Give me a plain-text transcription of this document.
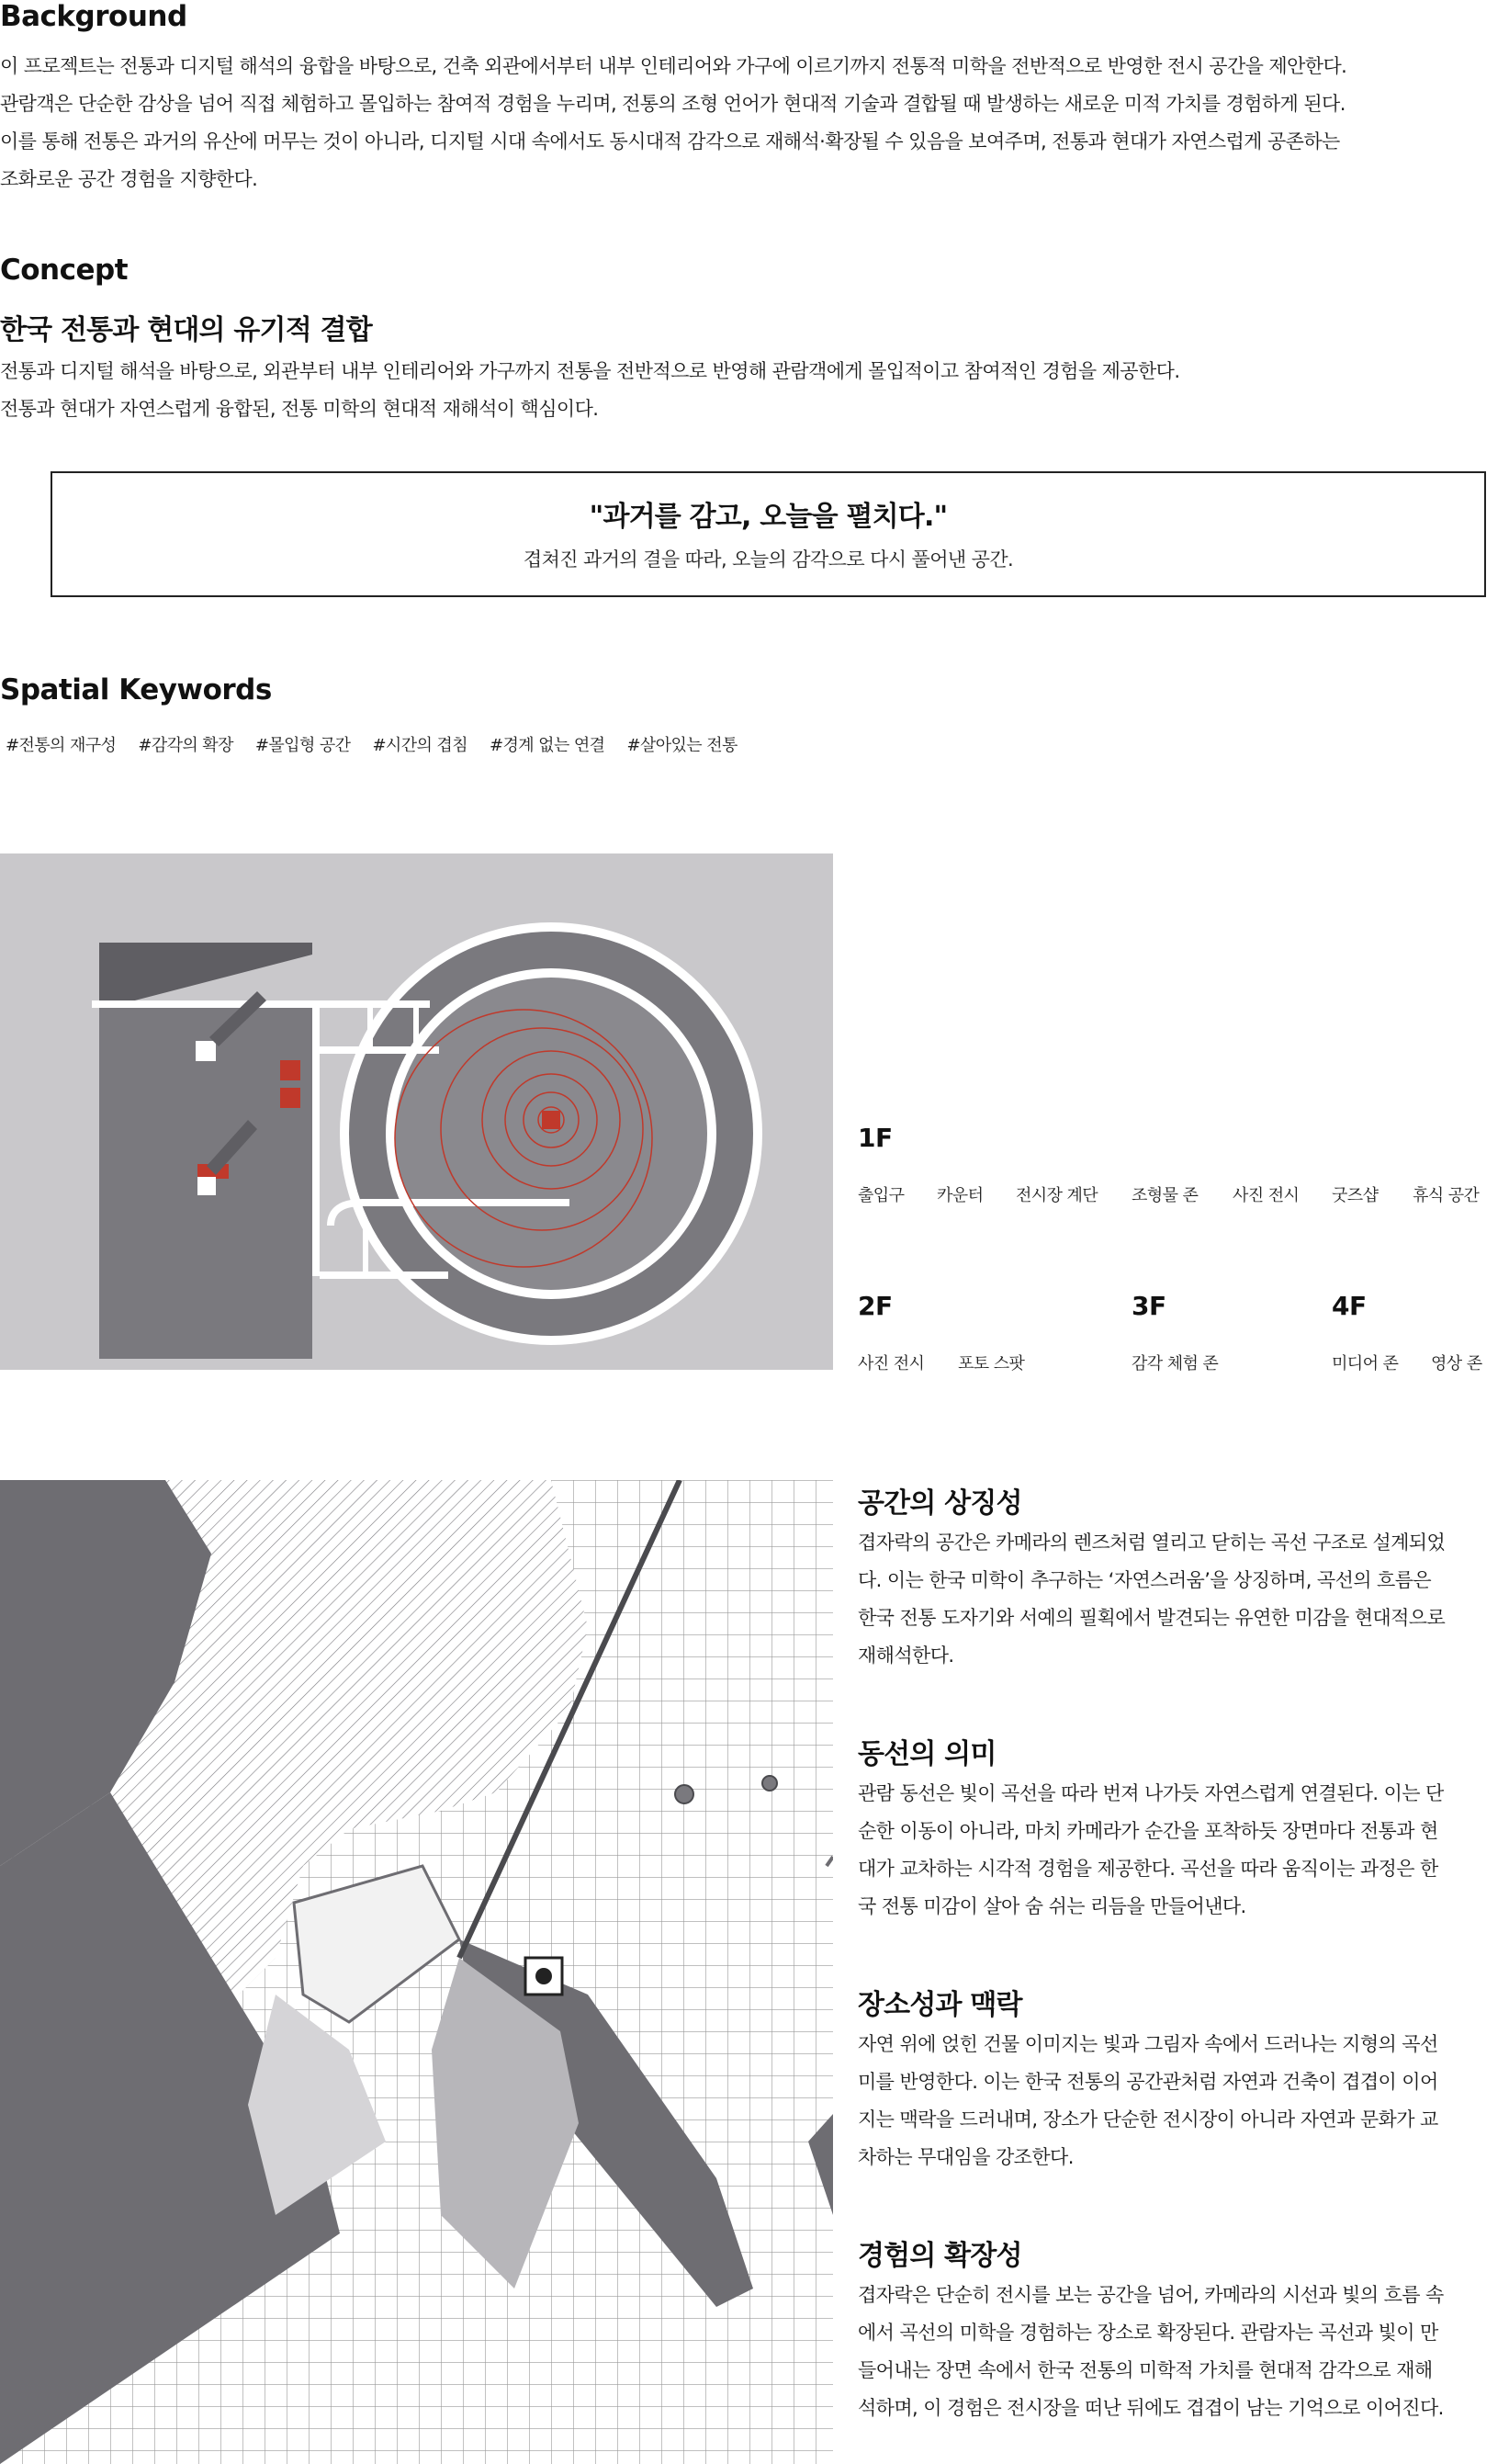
Background

이 프로젝트는 전통과 디지털 해석의 융합을 바탕으로, 건축 외관에서부터 내부 인테리어와 가구에 이르기까지 전통적 미학을 전반적으로 반영한 전시 공간을 제안한다.

관람객은 단순한 감상을 넘어 직접 체험하고 몰입하는 참여적 경험을 누리며, 전통의 조형 언어가 현대적 기술과 결합될 때 발생하는 새로운 미적 가치를 경험하게 된다.

이를 통해 전통은 과거의 유산에 머무는 것이 아니라, 디지털 시대 속에서도 동시대적 감각으로 재해석·확장될 수 있음을 보여주며, 전통과 현대가 자연스럽게 공존하는

조화로운 공간 경험을 지향한다.

Concept
한국 전통과 현대의 유기적 결합

전통과 디지털 해석을 바탕으로, 외관부터 내부 인테리어와 가구까지 전통을 전반적으로 반영해 관람객에게 몰입적이고 참여적인 경험을 제공한다.

전통과 현대가 자연스럽게 융합된, 전통 미학의 현대적 재해석이 핵심이다.

"과거를 감고, 오늘을 펼치다."
겹쳐진 과거의 결을 따라, 오늘의 감각으로 다시 풀어낸 공간.
Spatial Keywords
#전통의 재구성 #감각의 확장 #몰입형 공간 #시간의 겹침 #경계 없는 연결 #살아있는 전통
1F
출입구 카운터 전시장 계단 조형물 존 사진 전시 굿즈샵 휴식 공간
2F	3F	4F
사진 전시 포토 스팟	감각 체험 존	미디어 존 영상 존
공간의 상징성

겹자락의 공간은 카메라의 렌즈처럼 열리고 닫히는 곡선 구조로 설계되었

다. 이는 한국 미학이 추구하는 ‘자연스러움’을 상징하며, 곡선의 흐름은

한국 전통 도자기와 서예의 필획에서 발견되는 유연한 미감을 현대적으로

재해석한다.

동선의 의미

관람 동선은 빛이 곡선을 따라 번져 나가듯 자연스럽게 연결된다. 이는 단

순한 이동이 아니라, 마치 카메라가 순간을 포착하듯 장면마다 전통과 현

대가 교차하는 시각적 경험을 제공한다. 곡선을 따라 움직이는 과정은 한

국 전통 미감이 살아 숨 쉬는 리듬을 만들어낸다.

장소성과 맥락

자연 위에 얹힌 건물 이미지는 빛과 그림자 속에서 드러나는 지형의 곡선

미를 반영한다. 이는 한국 전통의 공간관처럼 자연과 건축이 겹겹이 이어

지는 맥락을 드러내며, 장소가 단순한 전시장이 아니라 자연과 문화가 교

차하는 무대임을 강조한다.

경험의 확장성

겹자락은 단순히 전시를 보는 공간을 넘어, 카메라의 시선과 빛의 흐름 속

에서 곡선의 미학을 경험하는 장소로 확장된다. 관람자는 곡선과 빛이 만

들어내는 장면 속에서 한국 전통의 미학적 가치를 현대적 감각으로 재해

석하며, 이 경험은 전시장을 떠난 뒤에도 겹겹이 남는 기억으로 이어진다.
